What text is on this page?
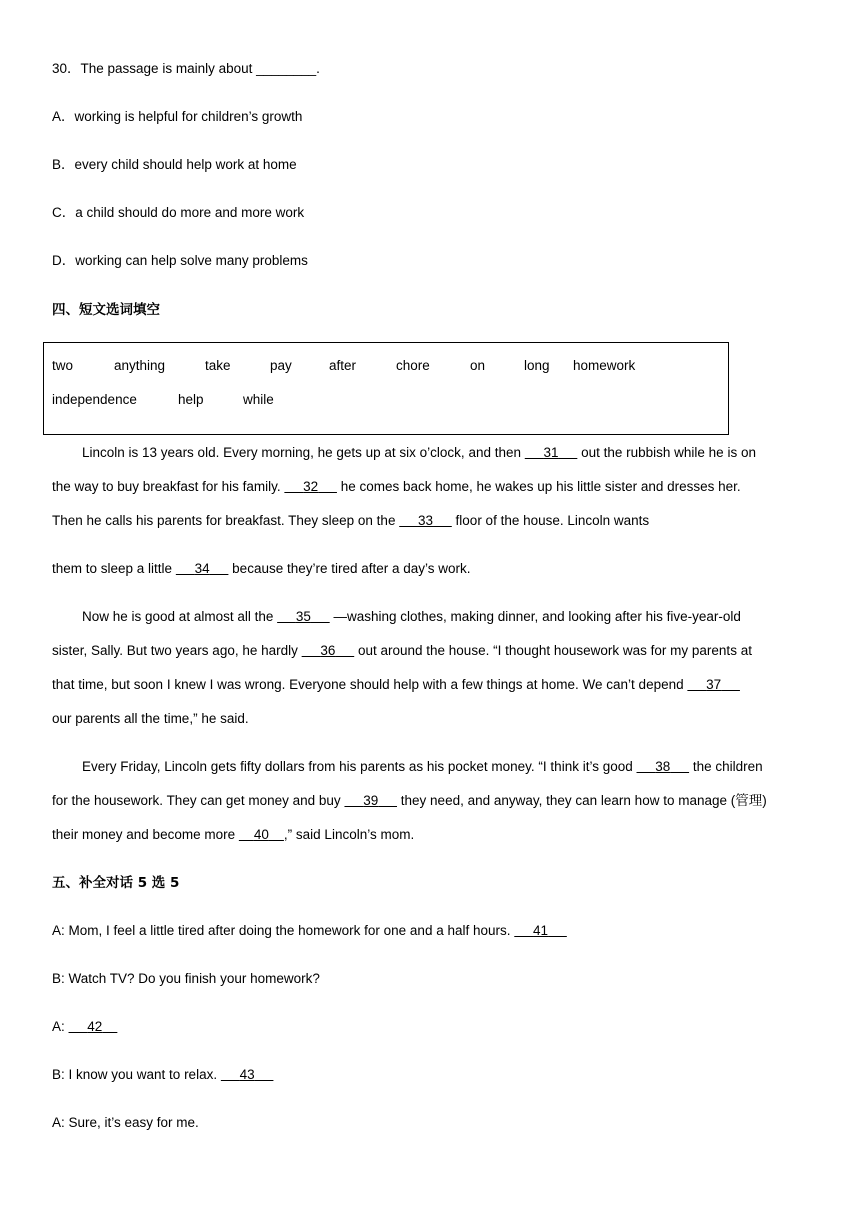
30．The passage is mainly about ________.
A．working is helpful for children’s growth
B．every child should help work at home
C．a child should do more and more work
D．working can help solve many problems
四、短文选词填空
two	anything	take	pay	after	chore	on	long homework
independence	help	while
Lincoln is 13 years old. Every morning, he gets up at six o’clock, and then 31 out the rubbish while he is on
the way to buy breakfast for his family. 32 he comes back home, he wakes up his little sister and dresses her.
Then he calls his parents for breakfast. They sleep on the 33 floor of the house. Lincoln wants
them to sleep a little 34 because they’re tired after a day’s work.
Now he is good at almost all the 35 —washing clothes, making dinner, and looking after his five-year-old
sister, Sally. But two years ago, he hardly 36 out around the house. “I thought housework was for my parents at
that time, but soon I knew I was wrong. Everyone should help with a few things at home. We can’t depend 37
our parents all the time,” he said.
Every Friday, Lincoln gets fifty dollars from his parents as his pocket money. “I think it’s good 38 the children
for the housework. They can get money and buy 39 they need, and anyway, they can learn how to manage (管理)
their money and become more 40 ,” said Lincoln’s mom.
五、补全对话 5 选 5
A: Mom, I feel a little tired after doing the homework for one and a half hours. 41
B: Watch TV? Do you finish your homework?
A: 42
B: I know you want to relax. 43
A: Sure, it’s easy for me.
